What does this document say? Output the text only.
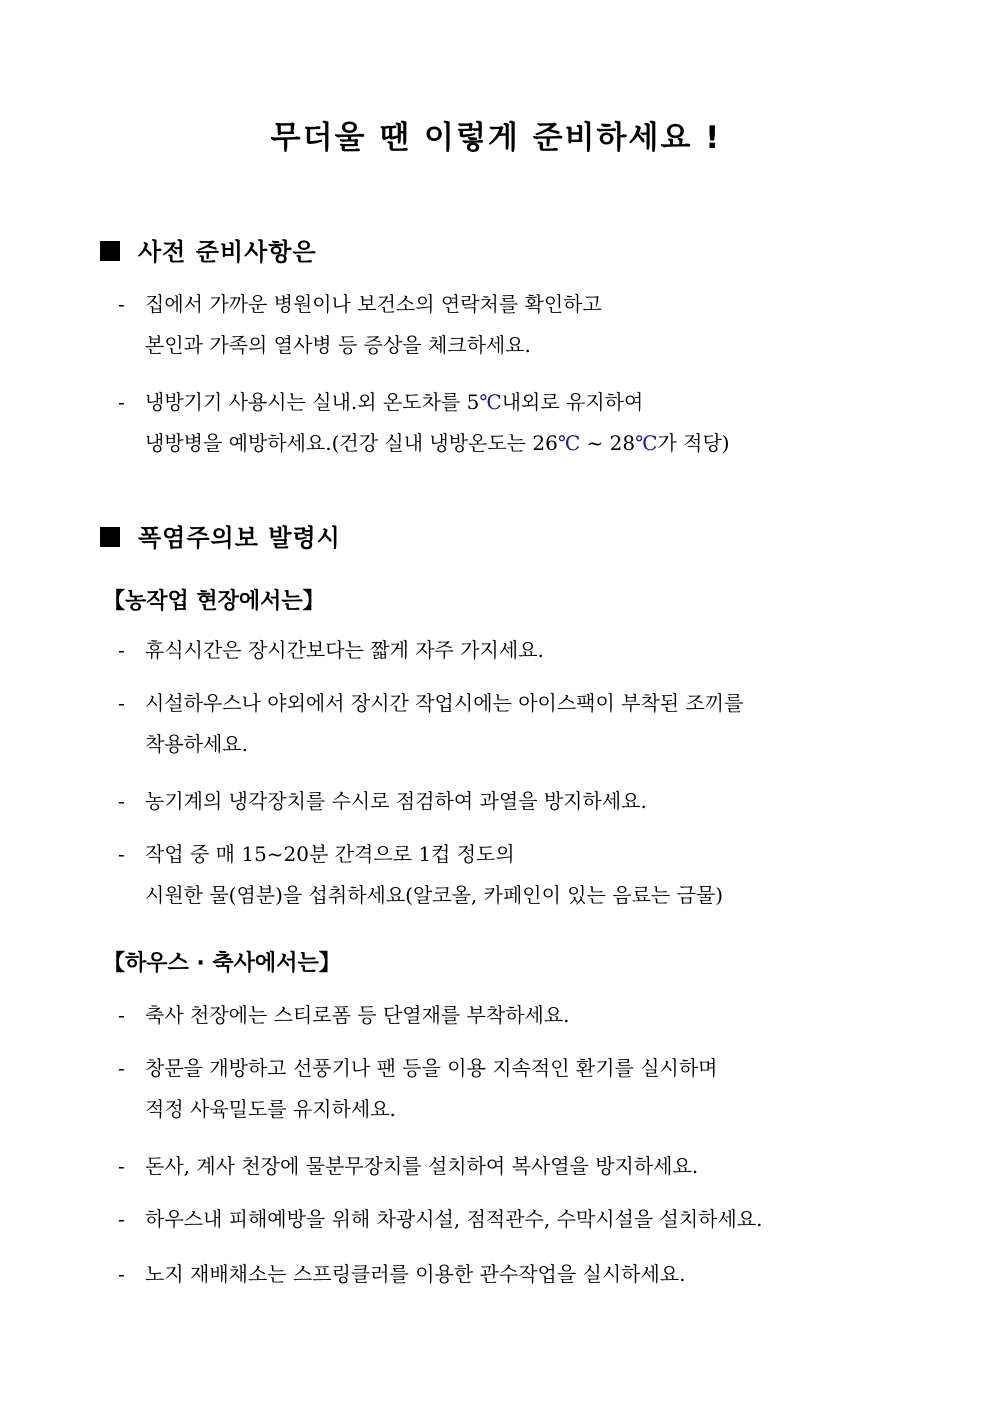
무더울 땐 이렇게 준비하세요 !
사전 준비사항은
- 집에서 가까운 병원이나 보건소의 연락처를 확인하고
본인과 가족의 열사병 등 증상을 체크하세요.
- 냉방기기 사용시는 실내.외 온도차를 5℃내외로 유지하여
냉방병을 예방하세요.(건강 실내 냉방온도는 26℃ ~ 28℃가 적당)
폭염주의보 발령시
【농작업 현장에서는】
- 휴식시간은 장시간보다는 짧게 자주 가지세요.
- 시설하우스나 야외에서 장시간 작업시에는 아이스팩이 부착된 조끼를
착용하세요.
- 농기계의 냉각장치를 수시로 점검하여 과열을 방지하세요.
- 작업 중 매 15~20분 간격으로 1컵 정도의
시원한 물(염분)을 섭취하세요(알코올, 카페인이 있는 음료는 금물)
【하우스 · 축사에서는】
- 축사 천장에는 스티로폼 등 단열재를 부착하세요.
- 창문을 개방하고 선풍기나 팬 등을 이용 지속적인 환기를 실시하며
적정 사육밀도를 유지하세요.
- 돈사, 계사 천장에 물분무장치를 설치하여 복사열을 방지하세요.
- 하우스내 피해예방을 위해 차광시설, 점적관수, 수막시설을 설치하세요.
- 노지 재배채소는 스프링클러를 이용한 관수작업을 실시하세요.
